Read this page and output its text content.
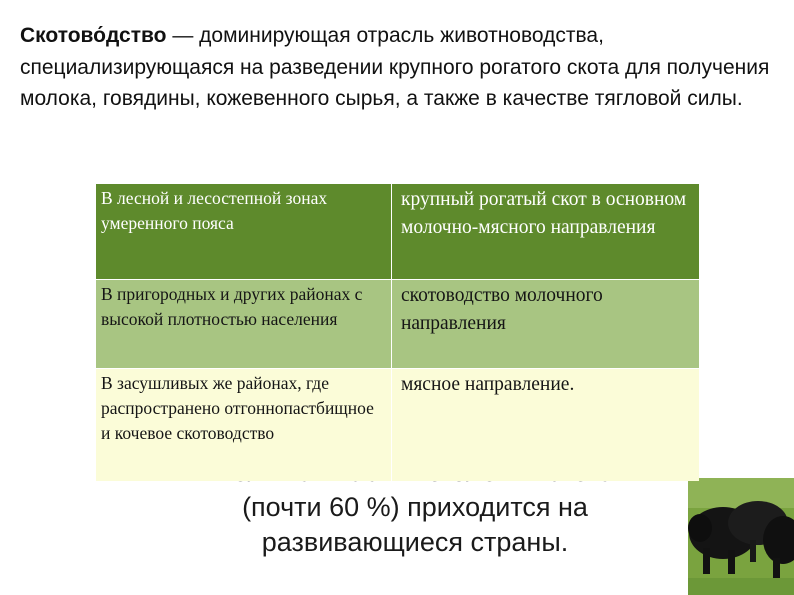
Скотово́дство — доминирующая отрасль животноводства, специализирующаяся на разведении крупного рогатого скота для получения молока, говядины, кожевенного сырья, а также в качестве тягловой силы.
(почти 60 %) приходится на
развивающиеся страны.
В лесной и лесостепной зонах умеренного пояса
крупный рогатый скот в основном молочно-мясного направления
В пригородных и других районах с высокой плотностью населения
скотоводство молочного направления
В засушливых же районах, где распространено отгоннопастбищное и кочевое скотоводство
мясное направление.
